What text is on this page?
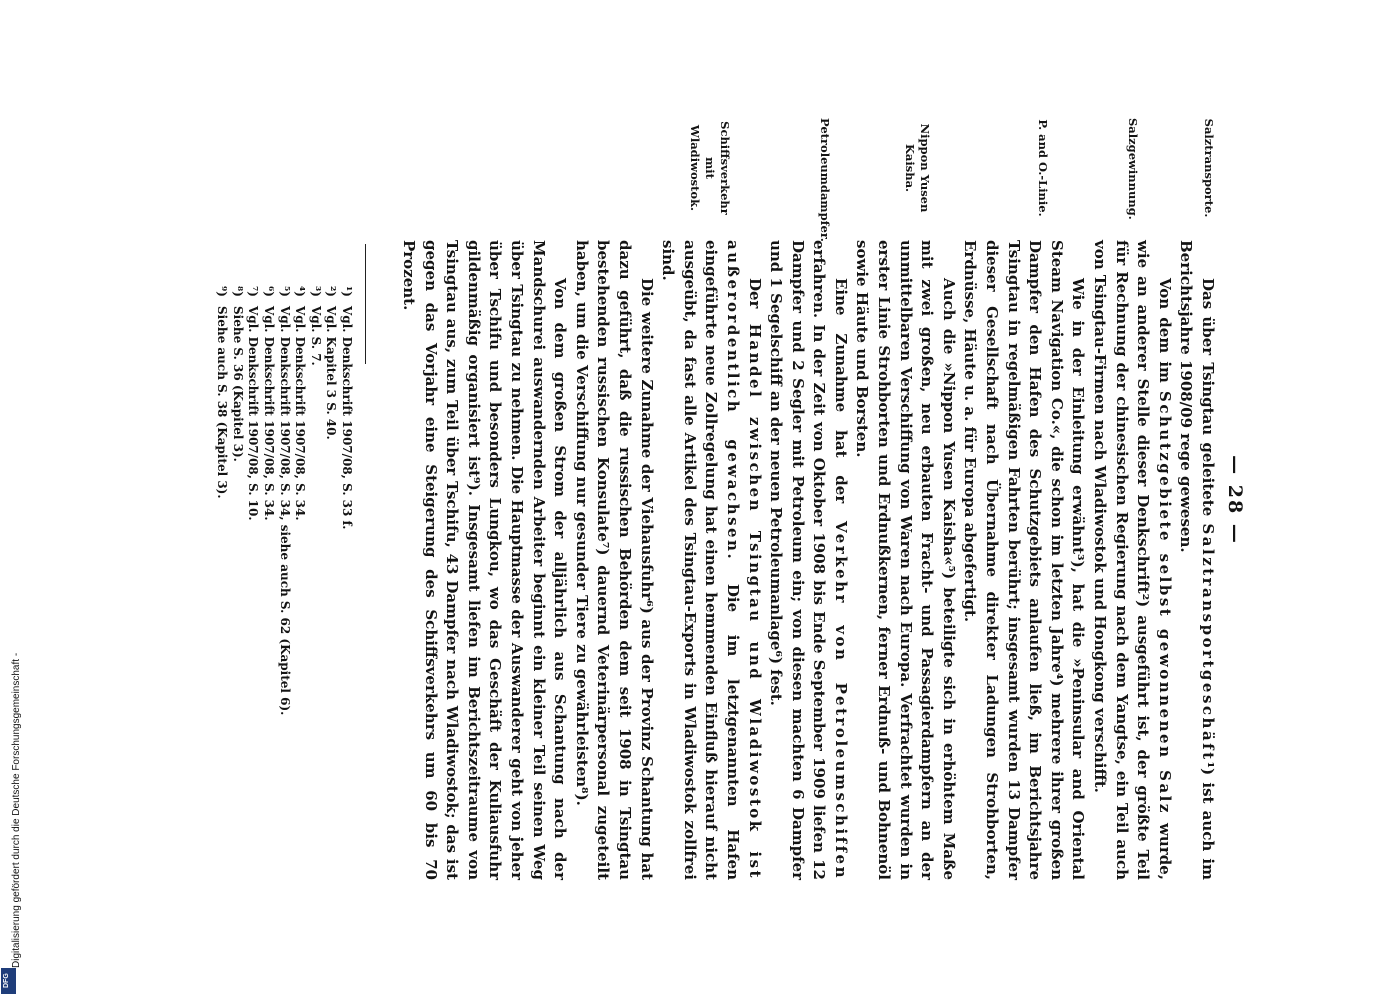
— 28 —
Salztransporte.
Salzgewinnung.
P. and O.-Linie.
Nippon Yusen Kaisha.
Petroleumdampfer.
Schiffsverkehr mit Wladiwostok.

Das über Tsingtau geleitete Salztransportgeschäft¹) ist auch im Berichtsjahre 1908/09 rege gewesen.

Von dem im Schutzgebiete selbst gewonnenen Salz wurde, wie an anderer Stelle dieser Denkschrift²) ausgeführt ist, der größte Teil für Rechnung der chinesischen Regierung nach dem Yangtse, ein Teil auch von Tsingtau-Firmen nach Wladiwostok und Hongkong verschifft.

Wie in der Einleitung erwähnt³), hat die »Peninsular and Oriental Steam Navigation Co.«, die schon im letzten Jahre⁴) mehrere ihrer großen Dampfer den Hafen des Schutzgebiets anlaufen ließ, im Berichtsjahre Tsingtau in regelmäßigen Fahrten berührt; insgesamt wurden 13 Dampfer dieser Gesellschaft nach Übernahme direkter Ladungen Strohborten, Erdnüsse, Häute u. a. für Europa abgefertigt.

Auch die »Nippon Yusen Kaisha«⁵) beteiligte sich in erhöhtem Maße mit zwei großen, neu erbauten Fracht- und Passagierdampfern an der unmittelbaren Verschiffung von Waren nach Europa. Verfrachtet wurden in erster Linie Strohborten und Erdnußkernen, ferner Erdnuß- und Bohnenöl sowie Häute und Borsten.

Eine Zunahme hat der Verkehr von Petroleumschiffen erfahren. In der Zeit von Oktober 1908 bis Ende September 1909 liefen 12 Dampfer und 2 Segler mit Petroleum ein; von diesen machten 6 Dampfer und 1 Segelschiff an der neuen Petroleumanlage⁶) fest.

Der Handel zwischen Tsingtau und Wladiwostok ist außerordentlich gewachsen. Die im letztgenannten Hafen eingeführte neue Zollregelung hat einen hemmenden Einfluß hierauf nicht ausgeübt, da fast alle Artikel des Tsingtau-Exports in Wladiwostok zollfrei sind.

Die weitere Zunahme der Viehausfuhr⁶) aus der Provinz Schantung hat dazu geführt, daß die russischen Behörden dem seit 1908 in Tsingtau bestehenden russischen Konsulate⁷) dauernd Veterinärpersonal zugeteilt haben, um die Verschiffung nur gesunder Tiere zu gewährleisten⁸).

Von dem großen Strom der alljährlich aus Schantung nach der Mandschurei auswandernden Arbeiter beginnt ein kleiner Teil seinen Weg über Tsingtau zu nehmen. Die Hauptmasse der Auswanderer geht von jeher über Tschifu und besonders Lungkou, wo das Geschäft der Kuliausfuhr gildenmäßig organisiert ist⁹). Insgesamt liefen im Berichtszeitraume von Tsingtau aus, zum Teil über Tschifu, 43 Dampfer nach Wladiwostok; das ist gegen das Vorjahr eine Steigerung des Schiffsverkehrs um 60 bis 70 Prozent.

¹)Vgl. Denkschrift 1907/08, S. 33 f.
²)Vgl. Kapitel 3 S. 40.
³)Vgl. S. 7.
⁴)Vgl. Denkschrift 1907/08, S. 34.
⁵)Vgl. Denkschrift 1907/08, S. 34, siehe auch S. 62 (Kapitel 6).
⁶)Vgl. Denkschrift 1907/08, S. 34.
⁷)Vgl. Denkschrift 1907/08, S. 10.
⁸)Siehe S. 36 (Kapitel 3).
⁹)Siehe auch S. 38 (Kapitel 3).
Digitalisierung gefördert durch die Deutsche Forschungsgemeinschaft -
DFG
